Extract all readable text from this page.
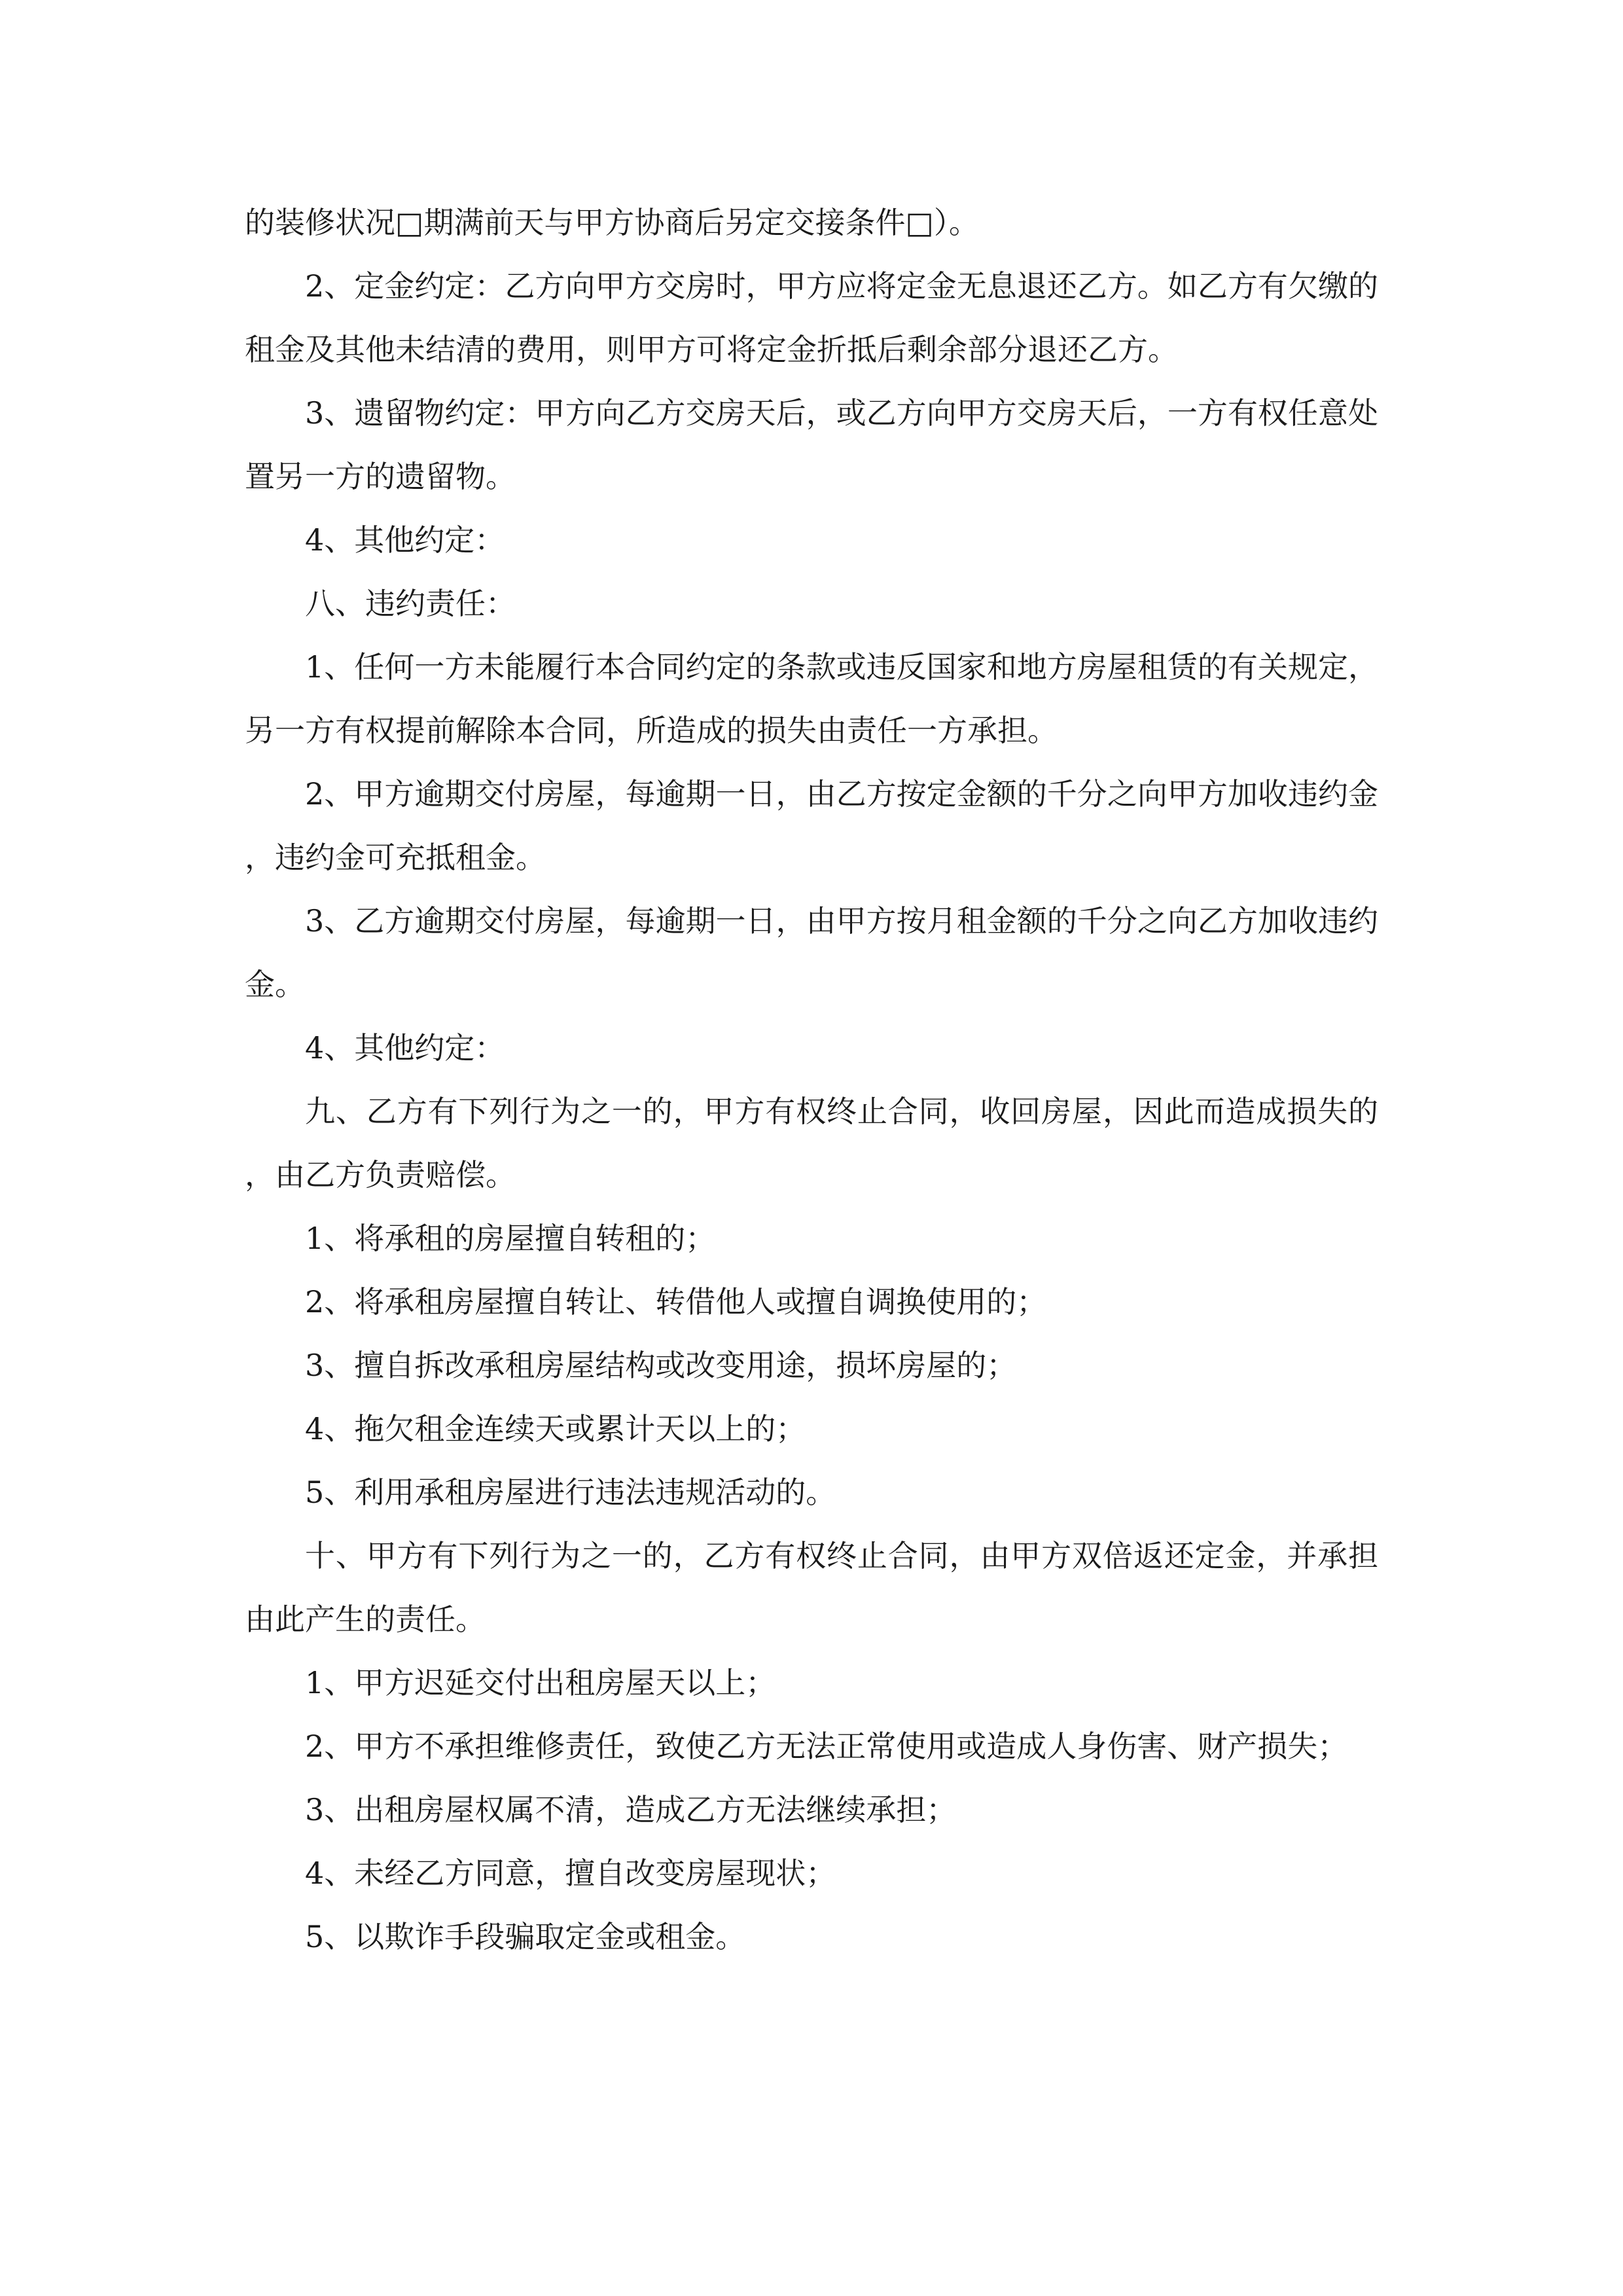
的装修状况□期满前天与甲方协商后另定交接条件□）。

2、定金约定：乙方向甲方交房时，甲方应将定金无息退还乙方。如乙方有欠缴的租金及其他未结清的费用，则甲方可将定金折抵后剩余部分退还乙方。

3、遗留物约定：甲方向乙方交房天后，或乙方向甲方交房天后，一方有权任意处置另一方的遗留物。

4、其他约定：

八、违约责任：

1、任何一方未能履行本合同约定的条款或违反国家和地方房屋租赁的有关规定，另一方有权提前解除本合同，所造成的损失由责任一方承担。

2、甲方逾期交付房屋，每逾期一日，由乙方按定金额的千分之向甲方加收违约金，违约金可充抵租金。

3、乙方逾期交付房屋，每逾期一日，由甲方按月租金额的千分之向乙方加收违约金。

4、其他约定：

九、乙方有下列行为之一的，甲方有权终止合同，收回房屋，因此而造成损失的，由乙方负责赔偿。

1、将承租的房屋擅自转租的；

2、将承租房屋擅自转让、转借他人或擅自调换使用的；

3、擅自拆改承租房屋结构或改变用途，损坏房屋的；

4、拖欠租金连续天或累计天以上的；

5、利用承租房屋进行违法违规活动的。

十、甲方有下列行为之一的，乙方有权终止合同，由甲方双倍返还定金，并承担由此产生的责任。

1、甲方迟延交付出租房屋天以上；

2、甲方不承担维修责任，致使乙方无法正常使用或造成人身伤害、财产损失；

3、出租房屋权属不清，造成乙方无法继续承担；

4、未经乙方同意，擅自改变房屋现状；

5、以欺诈手段骗取定金或租金。
